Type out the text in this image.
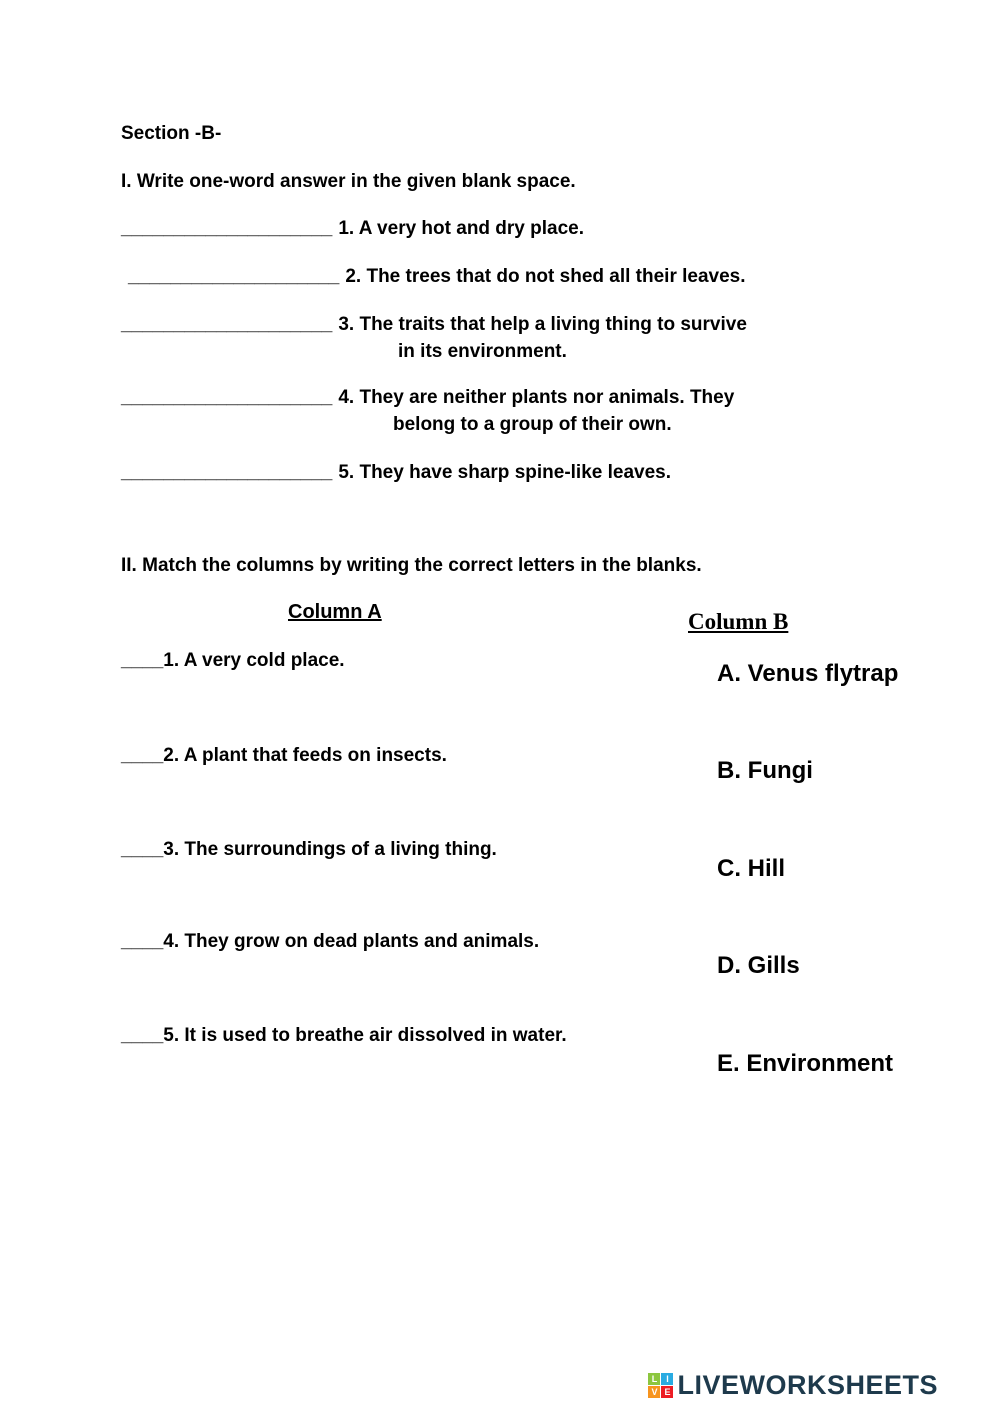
Section -B-
I. Write one-word answer in the given blank space.
____________________ 1. A very hot and dry place.
____________________ 2. The trees that do not shed all their leaves.
____________________ 3. The traits that help a living thing to survive
in its environment.
____________________ 4. They are neither plants nor animals. They
belong to a group of their own.
____________________ 5. They have sharp spine-like leaves.
II. Match the columns by writing the correct letters in the blanks.
Column A	Column B
____1. A very cold place.
____2. A plant that feeds on insects.
____3. The surroundings of a living thing.
____4. They grow on dead plants and animals.
____5. It is used to breathe air dissolved in water.
A. Venus flytrap
B. Fungi
C. Hill
D. Gills
E. Environment
L I
V E LIVEWORKSHEETS
